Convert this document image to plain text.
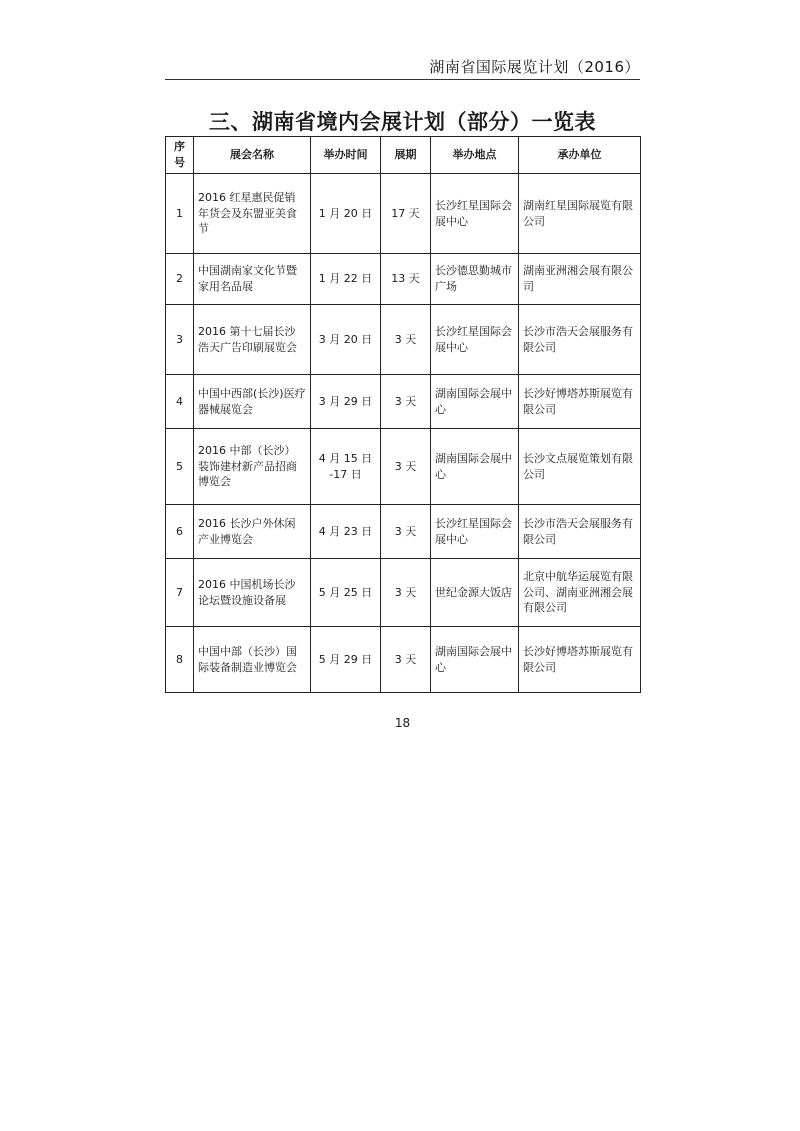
湖南省国际展览计划（2016）
三、湖南省境内会展计划（部分）一览表
序号	展会名称	举办时间	展期	举办地点	承办单位
1	2016 红星惠民促销年货会及东盟亚美食节	1 月 20 日	17 天	长沙红星国际会展中心	湖南红星国际展览有限公司
2	中国湖南家文化节暨家用名品展	1 月 22 日	13 天	长沙德思勤城市广场	湖南亚洲湘会展有限公司
3	2016 第十七届长沙浩天广告印刷展览会	3 月 20 日	3 天	长沙红星国际会展中心	长沙市浩天会展服务有限公司
4	中国中西部(长沙)医疗器械展览会	3 月 29 日	3 天	湖南国际会展中心	长沙好博塔苏斯展览有限公司
5	2016 中部（长沙）装饰建材新产品招商博览会	4 月 15 日 -17 日	3 天	湖南国际会展中心	长沙文点展览策划有限公司
6	2016 长沙户外休闲产业博览会	4 月 23 日	3 天	长沙红星国际会展中心	长沙市浩天会展服务有限公司
7	2016 中国机场长沙论坛暨设施设备展	5 月 25 日	3 天	世纪金源大饭店	北京中航华运展览有限公司、湖南亚洲湘会展有限公司
8	中国中部（长沙）国际装备制造业博览会	5 月 29 日	3 天	湖南国际会展中心	长沙好博塔苏斯展览有限公司
18
